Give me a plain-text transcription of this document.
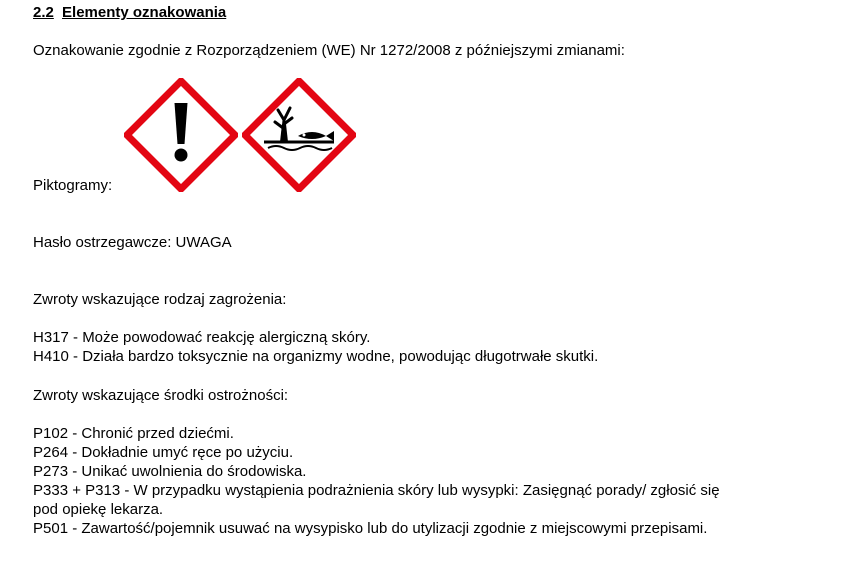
2.2 Elementy oznakowania
Oznakowanie zgodnie z Rozporządzeniem (WE) Nr 1272/2008 z późniejszymi zmianami:
Piktogramy:
Hasło ostrzegawcze: UWAGA
Zwroty wskazujące rodzaj zagrożenia:
H317 - Może powodować reakcję alergiczną skóry.
H410 - Działa bardzo toksycznie na organizmy wodne, powodując długotrwałe skutki.
Zwroty wskazujące środki ostrożności:
P102 - Chronić przed dziećmi.
P264 - Dokładnie umyć ręce po użyciu.
P273 - Unikać uwolnienia do środowiska.
P333 + P313 - W przypadku wystąpienia podrażnienia skóry lub wysypki: Zasięgnąć porady/ zgłosić się
pod opiekę lekarza.
P501 - Zawartość/pojemnik usuwać na wysypisko lub do utylizacji zgodnie z miejscowymi przepisami.
